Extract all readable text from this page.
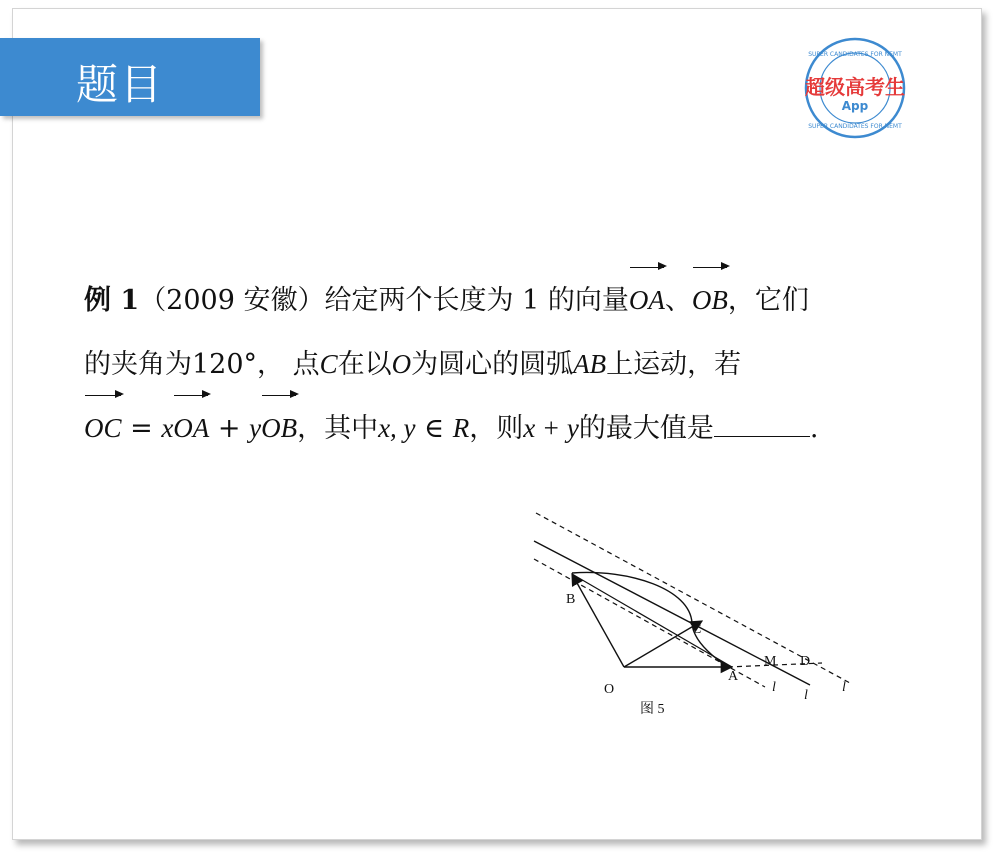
题目
SUPER CANDIDATES FOR NEMT
SUPER CANDIDATES FOR NEMT
超级高考生
App
例 1（2009 安徽）给定两个长度为 1 的向量OA、OB，它们
的夹角为120°， 点C在以O为圆心的圆弧AB上运动，若
OC = xOA + yOB，其中x, y ∈ R，则x + y的最大值是	.
B
C
A
O
M D
l
l
l
图 5
